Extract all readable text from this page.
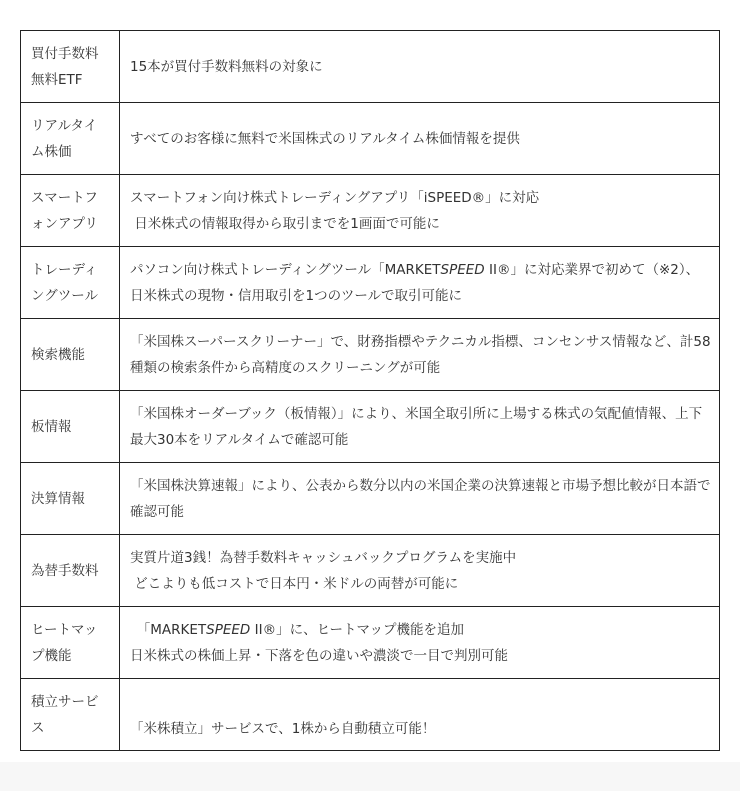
買付手数料
無料ETF	15本が買付手数料無料の対象に

リアルタイ
ム株価	すべてのお客様に無料で米国株式のリアルタイム株価情報を提供

スマートフ
ォンアプリ	スマートフォン向け株式トレーディングアプリ「iSPEED®」に対応
日米株式の情報取得から取引までを1画面で可能に

トレーディ
ングツール	パソコン向け株式トレーディングツール「MARKETSPEED II®」に対応業界で初めて（※2）、日米株式の現物・信用取引を1つのツールで取引可能に

検索機能	「米国株スーパースクリーナー」で、財務指標やテクニカル指標、コンセンサス情報など、計58種類の検索条件から高精度のスクリーニングが可能

板情報	「米国株オーダーブック（板情報）」により、米国全取引所に上場する株式の気配値情報、上下最大30本をリアルタイムで確認可能

決算情報	「米国株決算速報」により、公表から数分以内の米国企業の決算速報と市場予想比較が日本語で確認可能

為替手数料	実質片道3銭！為替手数料キャッシュバックプログラムを実施中
どこよりも低コストで日本円・米ドルの両替が可能に

ヒートマッ
プ機能	　「MARKETSPEED II®」に、ヒートマップ機能を追加
日米株式の株価上昇・下落を色の違いや濃淡で一目で判別可能

積立サービ
ス	「米株積立」サービスで、1株から自動積立可能！
